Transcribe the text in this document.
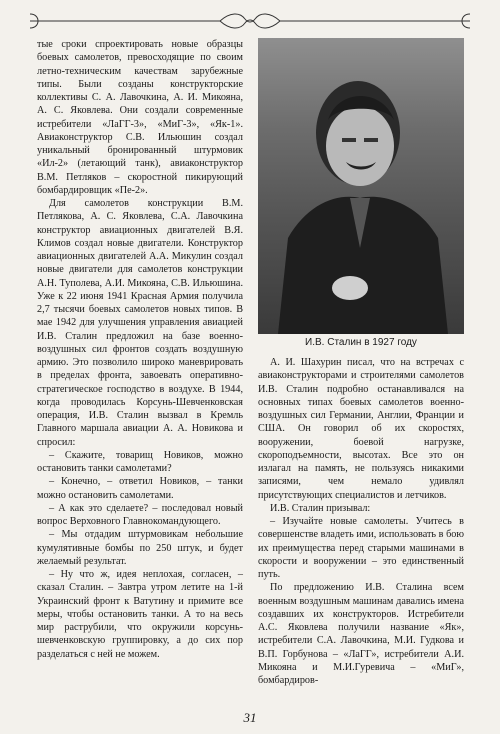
тые сроки спроектировать новые образцы боевых самолетов, превосходящие по своим летно-техническим качествам зарубежные типы. Были созданы конструкторские коллективы С. А. Лавочкина, А. И. Микояна, А. С. Яковлева. Они создали современные истребители «ЛаГГ-3», «МиГ-3», «Як-1». Авиаконструктор С.В. Ильюшин создал уникальный бронированный штурмовик «Ил-2» (летающий танк), авиаконструктор В.М. Петляков – скоростной пикирующий бомбардировщик «Пе-2».

Для самолетов конструкции В.М. Петлякова, А. С. Яковлева, С.А. Лавочкина конструктор авиационных двигателей В.Я. Климов создал новые двигатели. Конструктор авиационных двигателей А.А. Микулин создал новые двигатели для самолетов конструкции А.Н. Туполева, А.И. Микояна, С.В. Ильюшина. Уже к 22 июня 1941 Красная Армия получила 2,7 тысячи боевых самолетов новых типов. В мае 1942 для улучшения управления авиацией И.В. Сталин предложил на базе военно-воздушных сил фронтов создать воздушную армию. Это позволило широко маневрировать в пределах фронта, завоевать оперативно-стратегическое господство в воздухе. В 1944, когда проводилась Корсунь-Шевченковская операция, И.В. Сталин вызвал в Кремль Главного маршала авиации А. А. Новикова и спросил:

– Скажите, товарищ Новиков, можно остановить танки самолетами?

– Конечно, – ответил Новиков, – танки можно остановить самолетами.

– А как это сделаете? – последовал новый вопрос Верховного Главнокомандующего.

– Мы отдадим штурмовикам небольшие кумулятивные бомбы по 250 штук, и будет желаемый результат.

– Ну что ж, идея неплохая, согласен, – сказал Сталин. – Завтра утром летите на 1-й Украинский фронт к Ватутину и примите все меры, чтобы остановить танки. А то на весь мир раструбили, что окружили корсунь-шевченковскую группировку, а до сих пор разделаться с ней не можем.

И.В. Сталин в 1927 году

А. И. Шахурин писал, что на встречах с авиаконструкторами и строителями самолетов И.В. Сталин подробно останавливался на основных типах боевых самолетов военно-воздушных сил Германии, Англии, Франции и США. Он говорил об их скоростях, вооружении, боевой нагрузке, скороподъемности, высотах. Все это он излагал на память, не пользуясь никакими записями, чем немало удивлял присутствующих специалистов и летчиков.

И.В. Сталин призывал:

– Изучайте новые самолеты. Учитесь в совершенстве владеть ими, использовать в бою их преимущества перед старыми машинами в скорости и вооружении – это единственный путь.

По предложению И.В. Сталина всем военным воздушным машинам давались имена создавших их конструкторов. Истребители А.С. Яковлева получили название «Як», истребители С.А. Лавочкина, М.И. Гудкова и В.П. Горбунова – «ЛаГГ», истребители А.И. Микояна и М.И.Гуревича – «МиГ», бомбардиров-

31
